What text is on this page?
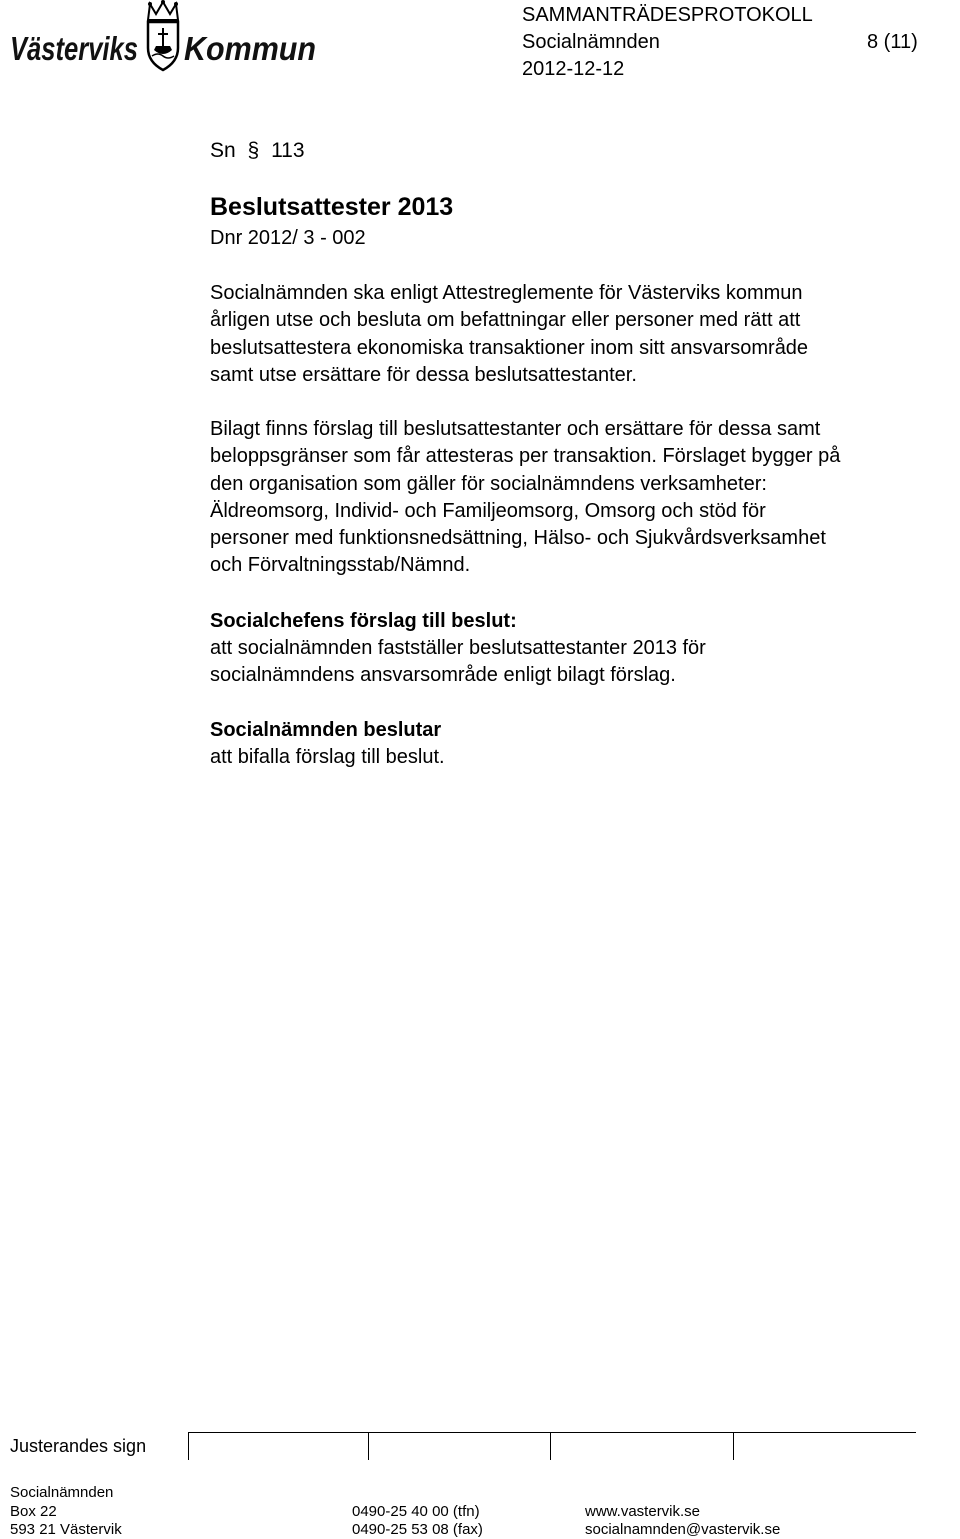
Västerviks Kommun
SAMMANTRÄDESPROTOKOLL
Socialnämnden	8 (11)
2012-12-12
Sn § 113
Beslutsattester 2013
Dnr 2012/ 3 - 002
Socialnämnden ska enligt Attestreglemente för Västerviks kommun
årligen utse och besluta om befattningar eller personer med rätt att
beslutsattestera ekonomiska transaktioner inom sitt ansvarsområde
samt utse ersättare för dessa beslutsattestanter.
Bilagt finns förslag till beslutsattestanter och ersättare för dessa samt
beloppsgränser som får attesteras per transaktion. Förslaget bygger på
den organisation som gäller för socialnämndens verksamheter:
Äldreomsorg, Individ- och Familjeomsorg, Omsorg och stöd för
personer med funktionsnedsättning, Hälso- och Sjukvårdsverksamhet
och Förvaltningsstab/Nämnd.
Socialchefens förslag till beslut:
att socialnämnden fastställer beslutsattestanter 2013 för
socialnämndens ansvarsområde enligt bilagt förslag.
Socialnämnden beslutar
att bifalla förslag till beslut.
Justerandes sign
Socialnämnden
Box 22
593 21 Västervik
0490-25 40 00 (tfn)
0490-25 53 08 (fax)
www.vastervik.se
socialnamnden@vastervik.se
